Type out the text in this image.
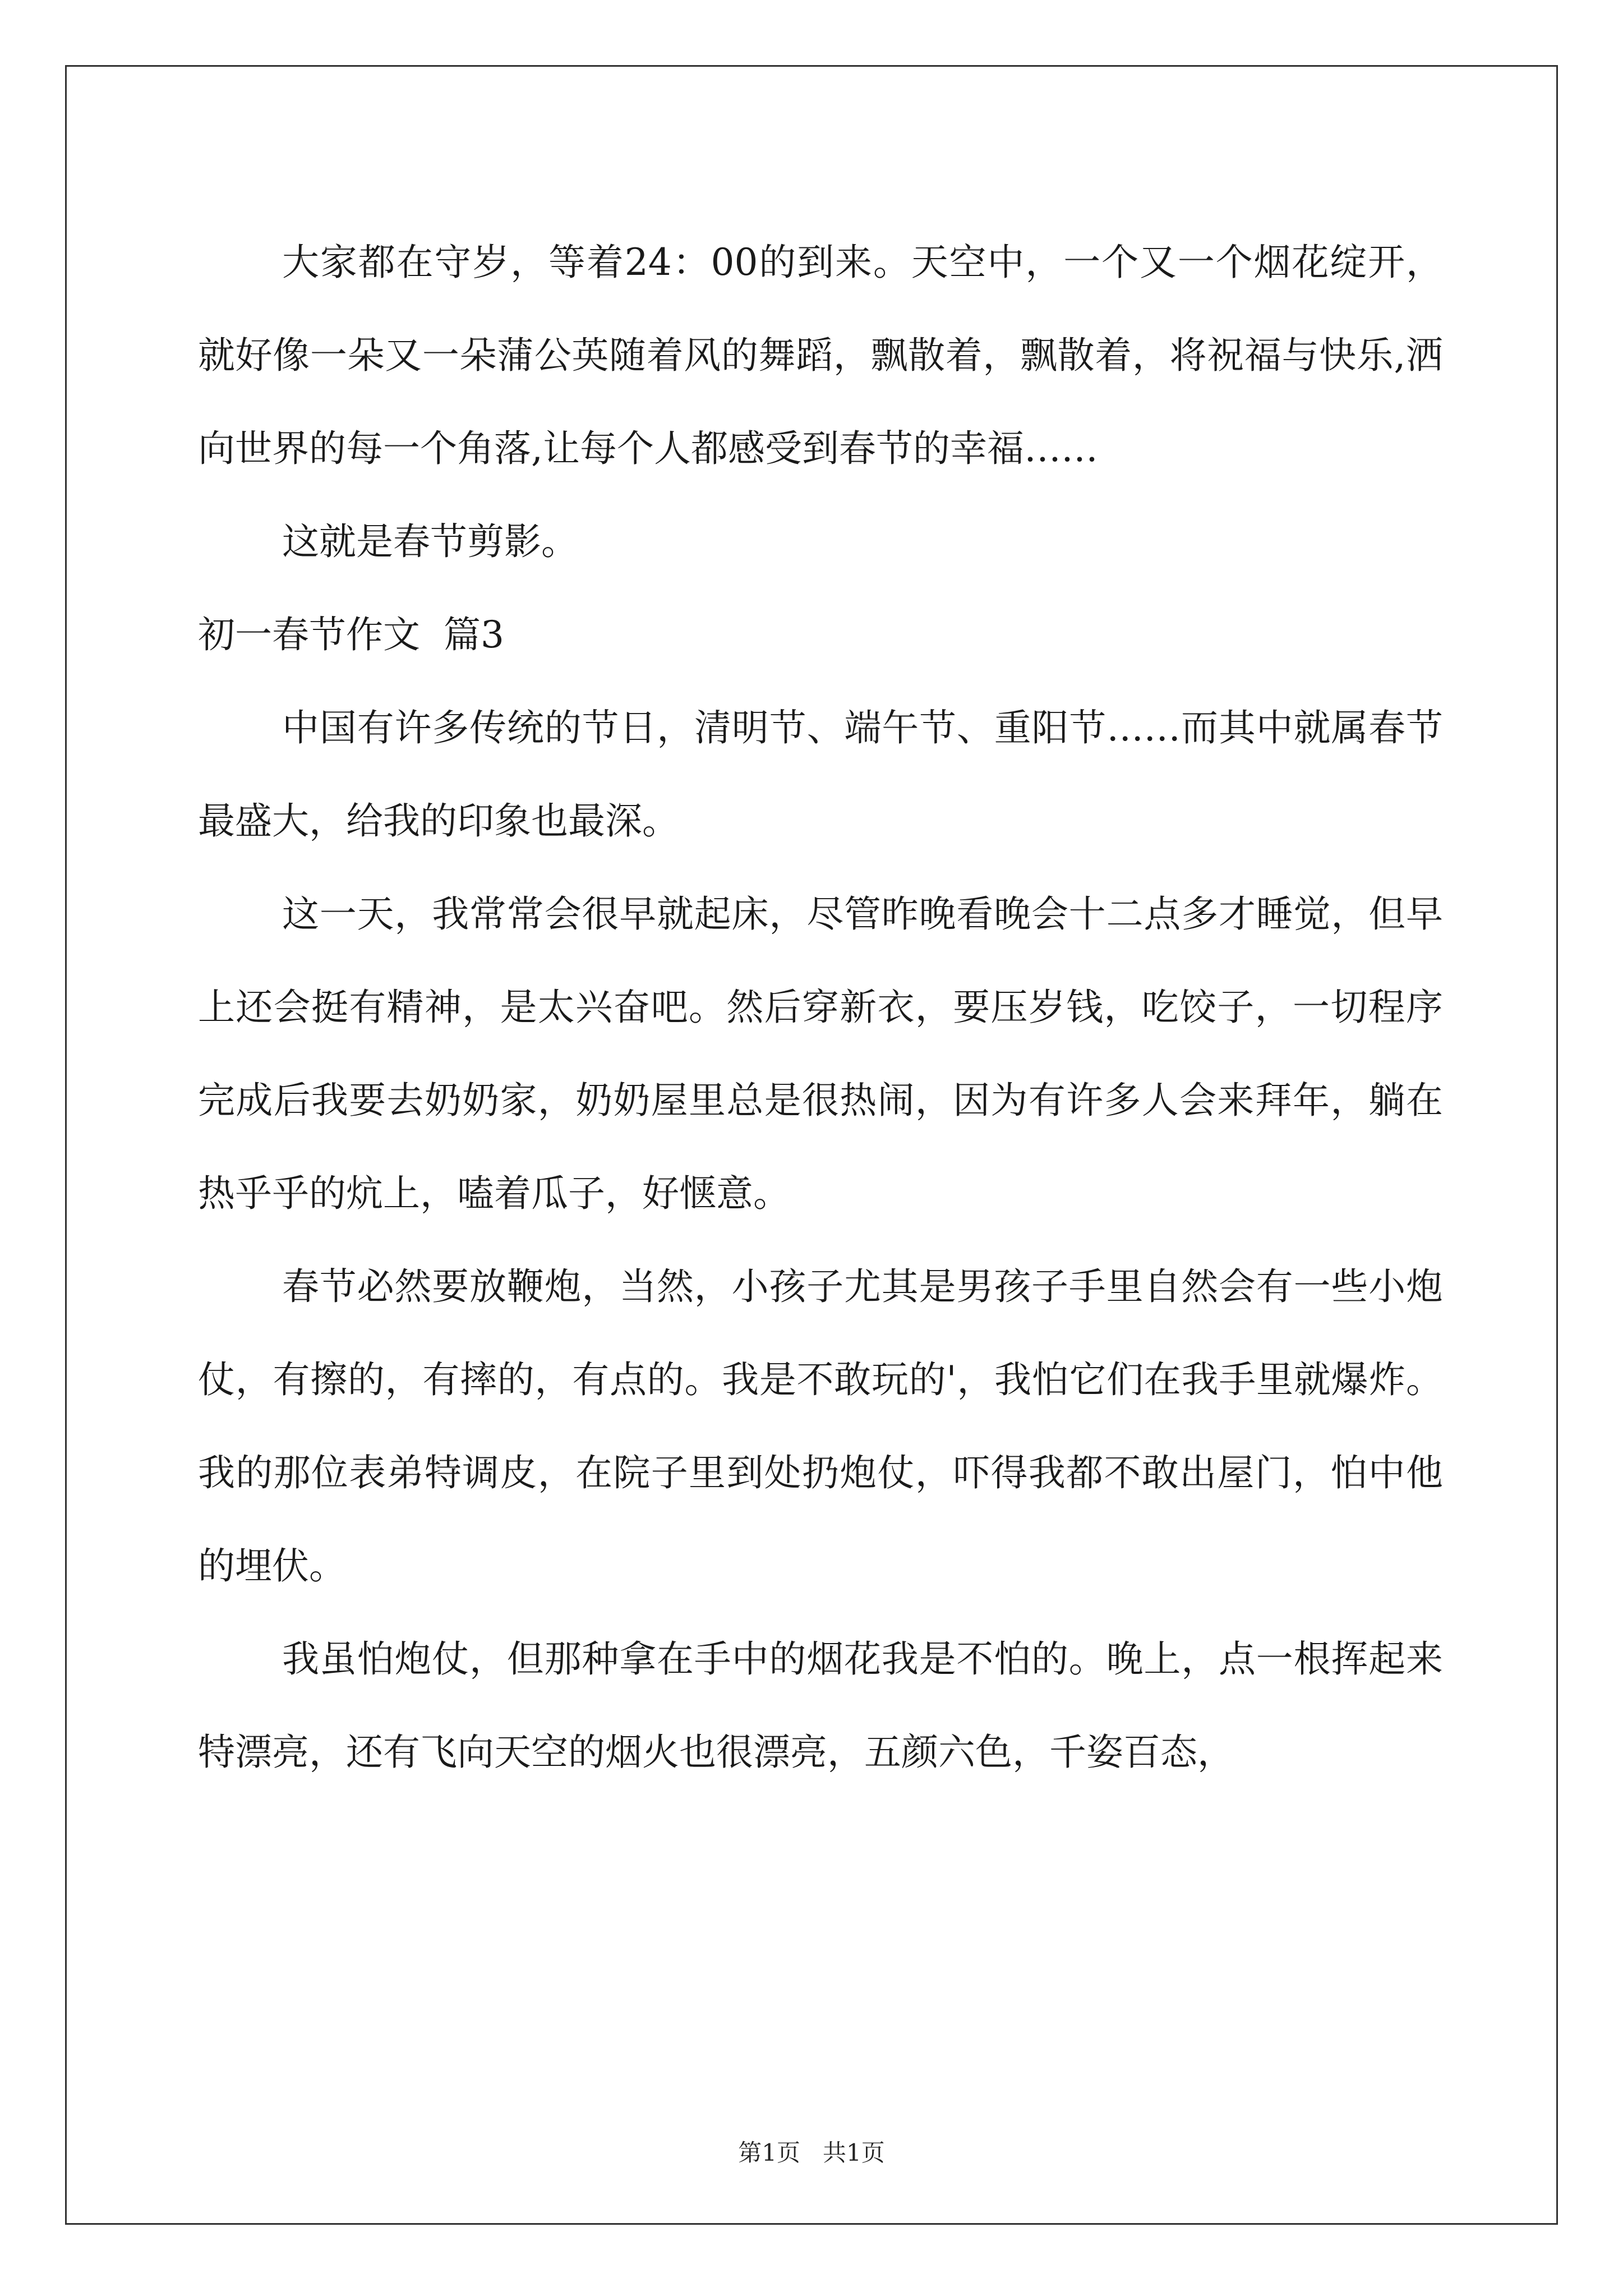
大家都在守岁，等着24：00的到来。天空中，一个又一个烟花绽开，就好像一朵又一朵蒲公英随着风的舞蹈，飘散着，飘散着，将祝福与快乐,洒向世界的每一个角落,让每个人都感受到春节的幸福……

这就是春节剪影。

初一春节作文  篇3

中国有许多传统的节日，清明节、端午节、重阳节……而其中就属春节最盛大，给我的印象也最深。

这一天，我常常会很早就起床，尽管昨晚看晚会十二点多才睡觉，但早上还会挺有精神，是太兴奋吧。然后穿新衣，要压岁钱，吃饺子，一切程序完成后我要去奶奶家，奶奶屋里总是很热闹，因为有许多人会来拜年，躺在热乎乎的炕上，嗑着瓜子，好惬意。

春节必然要放鞭炮，当然，小孩子尤其是男孩子手里自然会有一些小炮仗，有擦的，有摔的，有点的。我是不敢玩的'，我怕它们在我手里就爆炸。我的那位表弟特调皮，在院子里到处扔炮仗，吓得我都不敢出屋门，怕中他的埋伏。

我虽怕炮仗，但那种拿在手中的烟花我是不怕的。晚上，点一根挥起来特漂亮，还有飞向天空的烟火也很漂亮，五颜六色，千姿百态，

第1页   共1页
